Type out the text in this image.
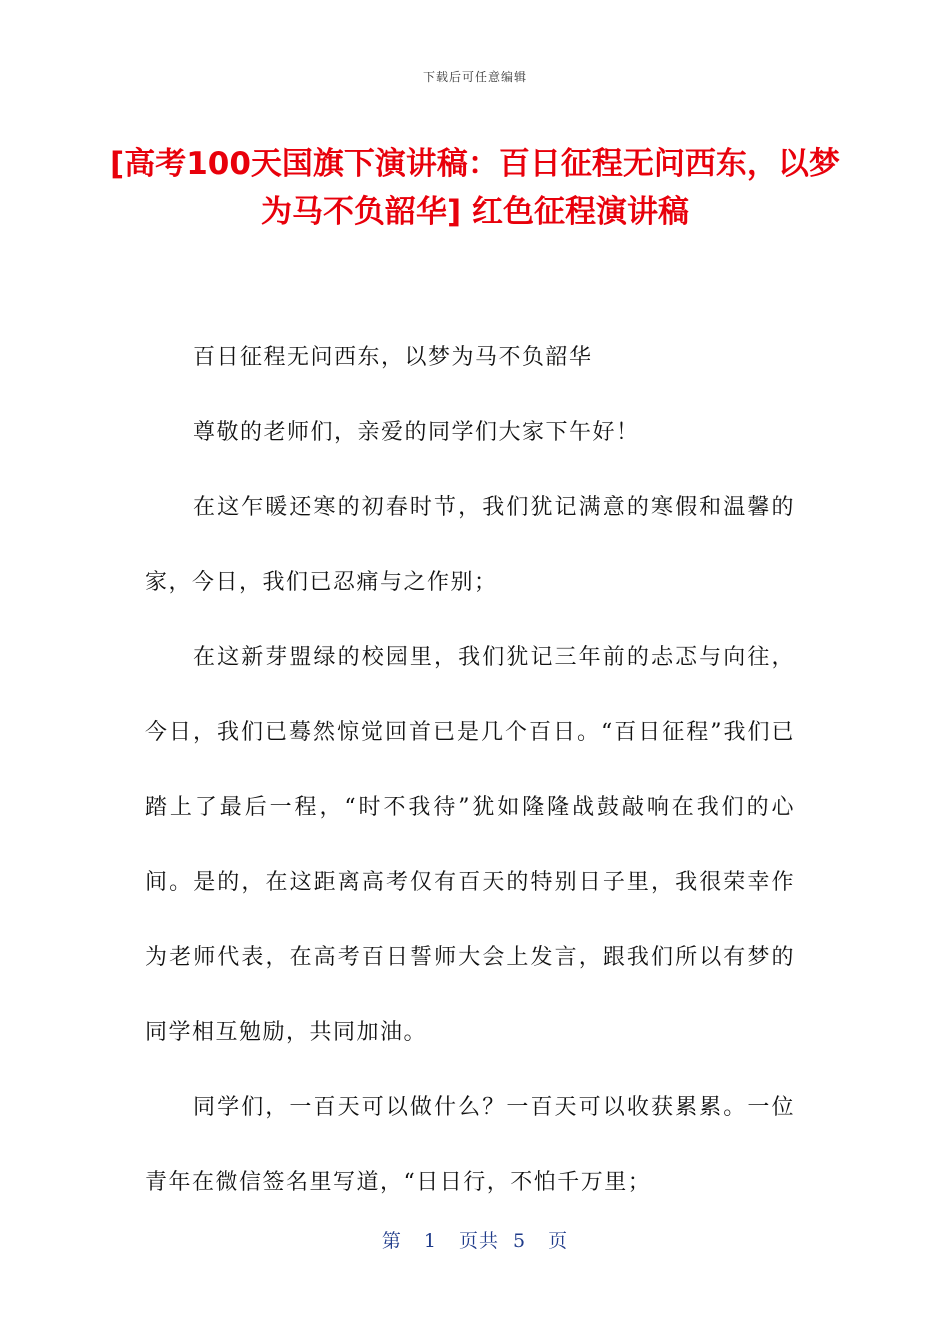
下载后可任意编辑
[高考100天国旗下演讲稿：百日征程无问西东，以梦为马不负韶华] 红色征程演讲稿

百日征程无问西东，以梦为马不负韶华

尊敬的老师们，亲爱的同学们大家下午好！

在这乍暖还寒的初春时节，我们犹记满意的寒假和温馨的家，今日，我们已忍痛与之作别；

在这新芽盟绿的校园里，我们犹记三年前的忐忑与向往，今日，我们已蓦然惊觉回首已是几个百日。“百日征程”我们已踏上了最后一程，“时不我待”犹如隆隆战鼓敲响在我们的心间。是的，在这距离高考仅有百天的特别日子里，我很荣幸作为老师代表，在高考百日誓师大会上发言，跟我们所以有梦的同学相互勉励，共同加油。

同学们，一百天可以做什么？一百天可以收获累累。一位青年在微信签名里写道，“日日行，不怕千万里；

第 1 页共 5 页
